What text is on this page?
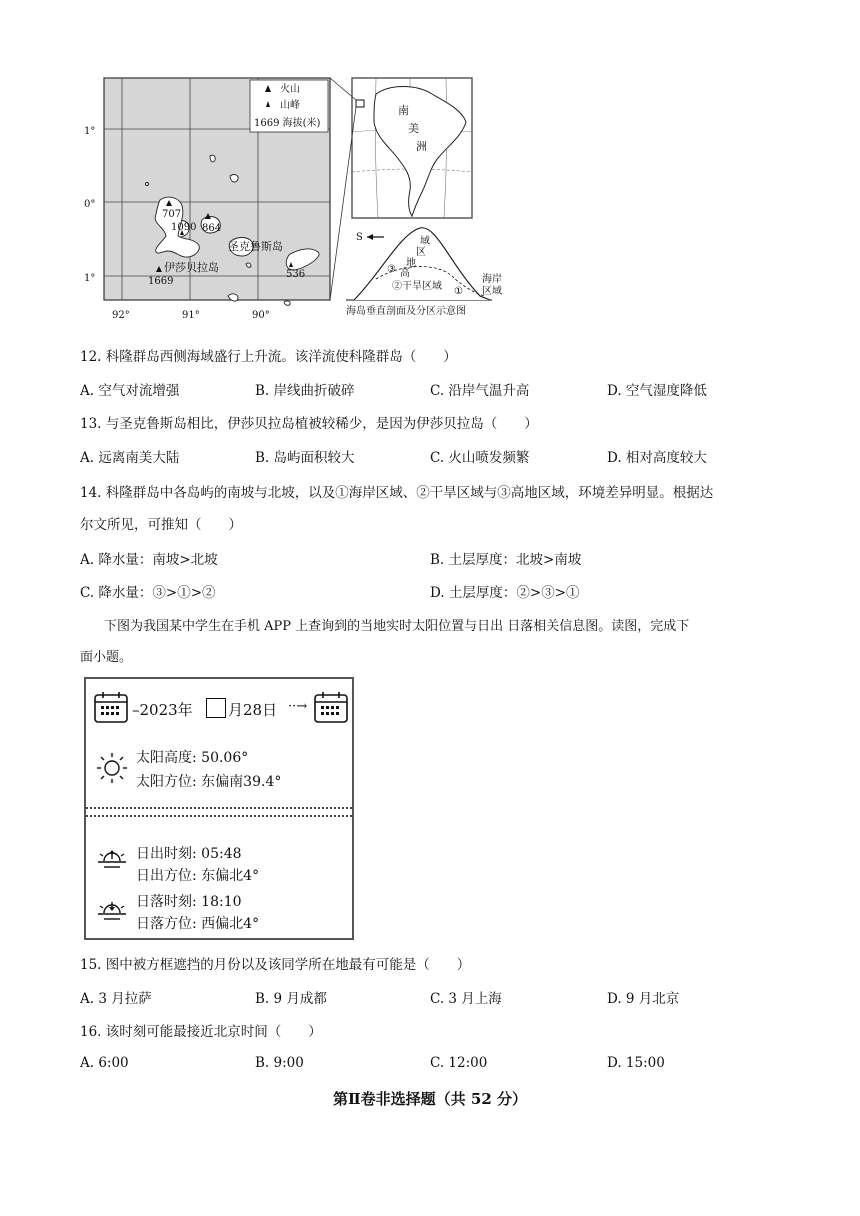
火山
山峰
1669 海拔(米)
1°
0°
1°
92°	91°	90°
707
1090 864
536
1669
伊莎贝拉岛
圣克鲁斯岛
南
美
洲
S	域
区
地
高
③
②干旱区域 ①
海岸
区域
海岛垂直剖面及分区示意图
12. 科隆群岛西侧海域盛行上升流。该洋流使科隆群岛（　　）
A. 空气对流增强	B. 岸线曲折破碎	C. 沿岸气温升高	D. 空气湿度降低
13. 与圣克鲁斯岛相比，伊莎贝拉岛植被较稀少，是因为伊莎贝拉岛（　　）
A. 远离南美大陆	B. 岛屿面积较大	C. 火山喷发频繁	D. 相对高度较大
14. 科隆群岛中各岛屿的南坡与北坡，以及①海岸区域、②干旱区域与③高地区域，环境差异明显。根据达
尔文所见，可推知（　　）
A. 降水量：南坡>北坡	B. 土层厚度：北坡>南坡
C. 降水量：③>①>②	D. 土层厚度：②>③>①
下图为我国某中学生在手机 APP 上查询到的当地实时太阳位置与日出 日落相关信息图。读图，完成下
面小题。
–2023年 月28日 ··→
太阳高度: 50.06°
太阳方位: 东偏南39.4°
日出时刻: 05:48
日出方位: 东偏北4°
日落时刻: 18:10
日落方位: 西偏北4°
15. 图中被方框遮挡的月份以及该同学所在地最有可能是（　　）
A. 3 月拉萨	B. 9 月成都	C. 3 月上海	D. 9 月北京
16. 该时刻可能最接近北京时间（　　）
A. 6:00	B. 9:00	C. 12:00	D. 15:00
第Ⅱ卷非选择题（共 52 分）
